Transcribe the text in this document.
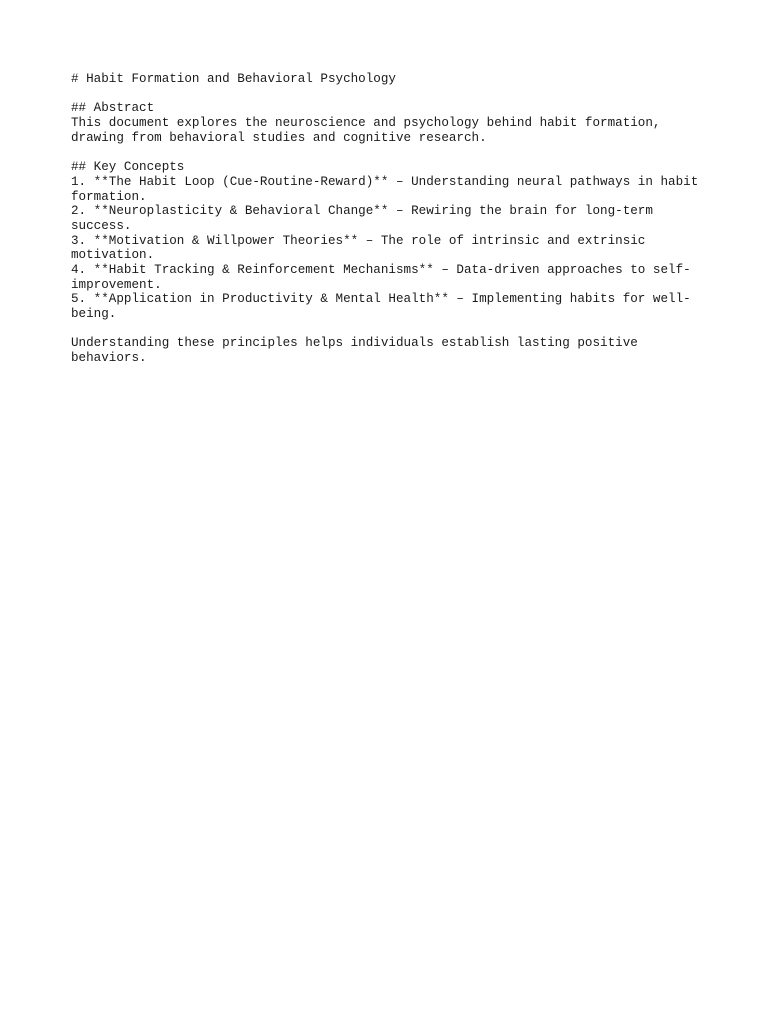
# Habit Formation and Behavioral Psychology
## Abstract
This document explores the neuroscience and psychology behind habit formation,
drawing from behavioral studies and cognitive research.
## Key Concepts
1. **The Habit Loop (Cue-Routine-Reward)** – Understanding neural pathways in habit
formation.
2. **Neuroplasticity & Behavioral Change** – Rewiring the brain for long-term
success.
3. **Motivation & Willpower Theories** – The role of intrinsic and extrinsic
motivation.
4. **Habit Tracking & Reinforcement Mechanisms** – Data-driven approaches to self-
improvement.
5. **Application in Productivity & Mental Health** – Implementing habits for well-
being.
Understanding these principles helps individuals establish lasting positive
behaviors.
